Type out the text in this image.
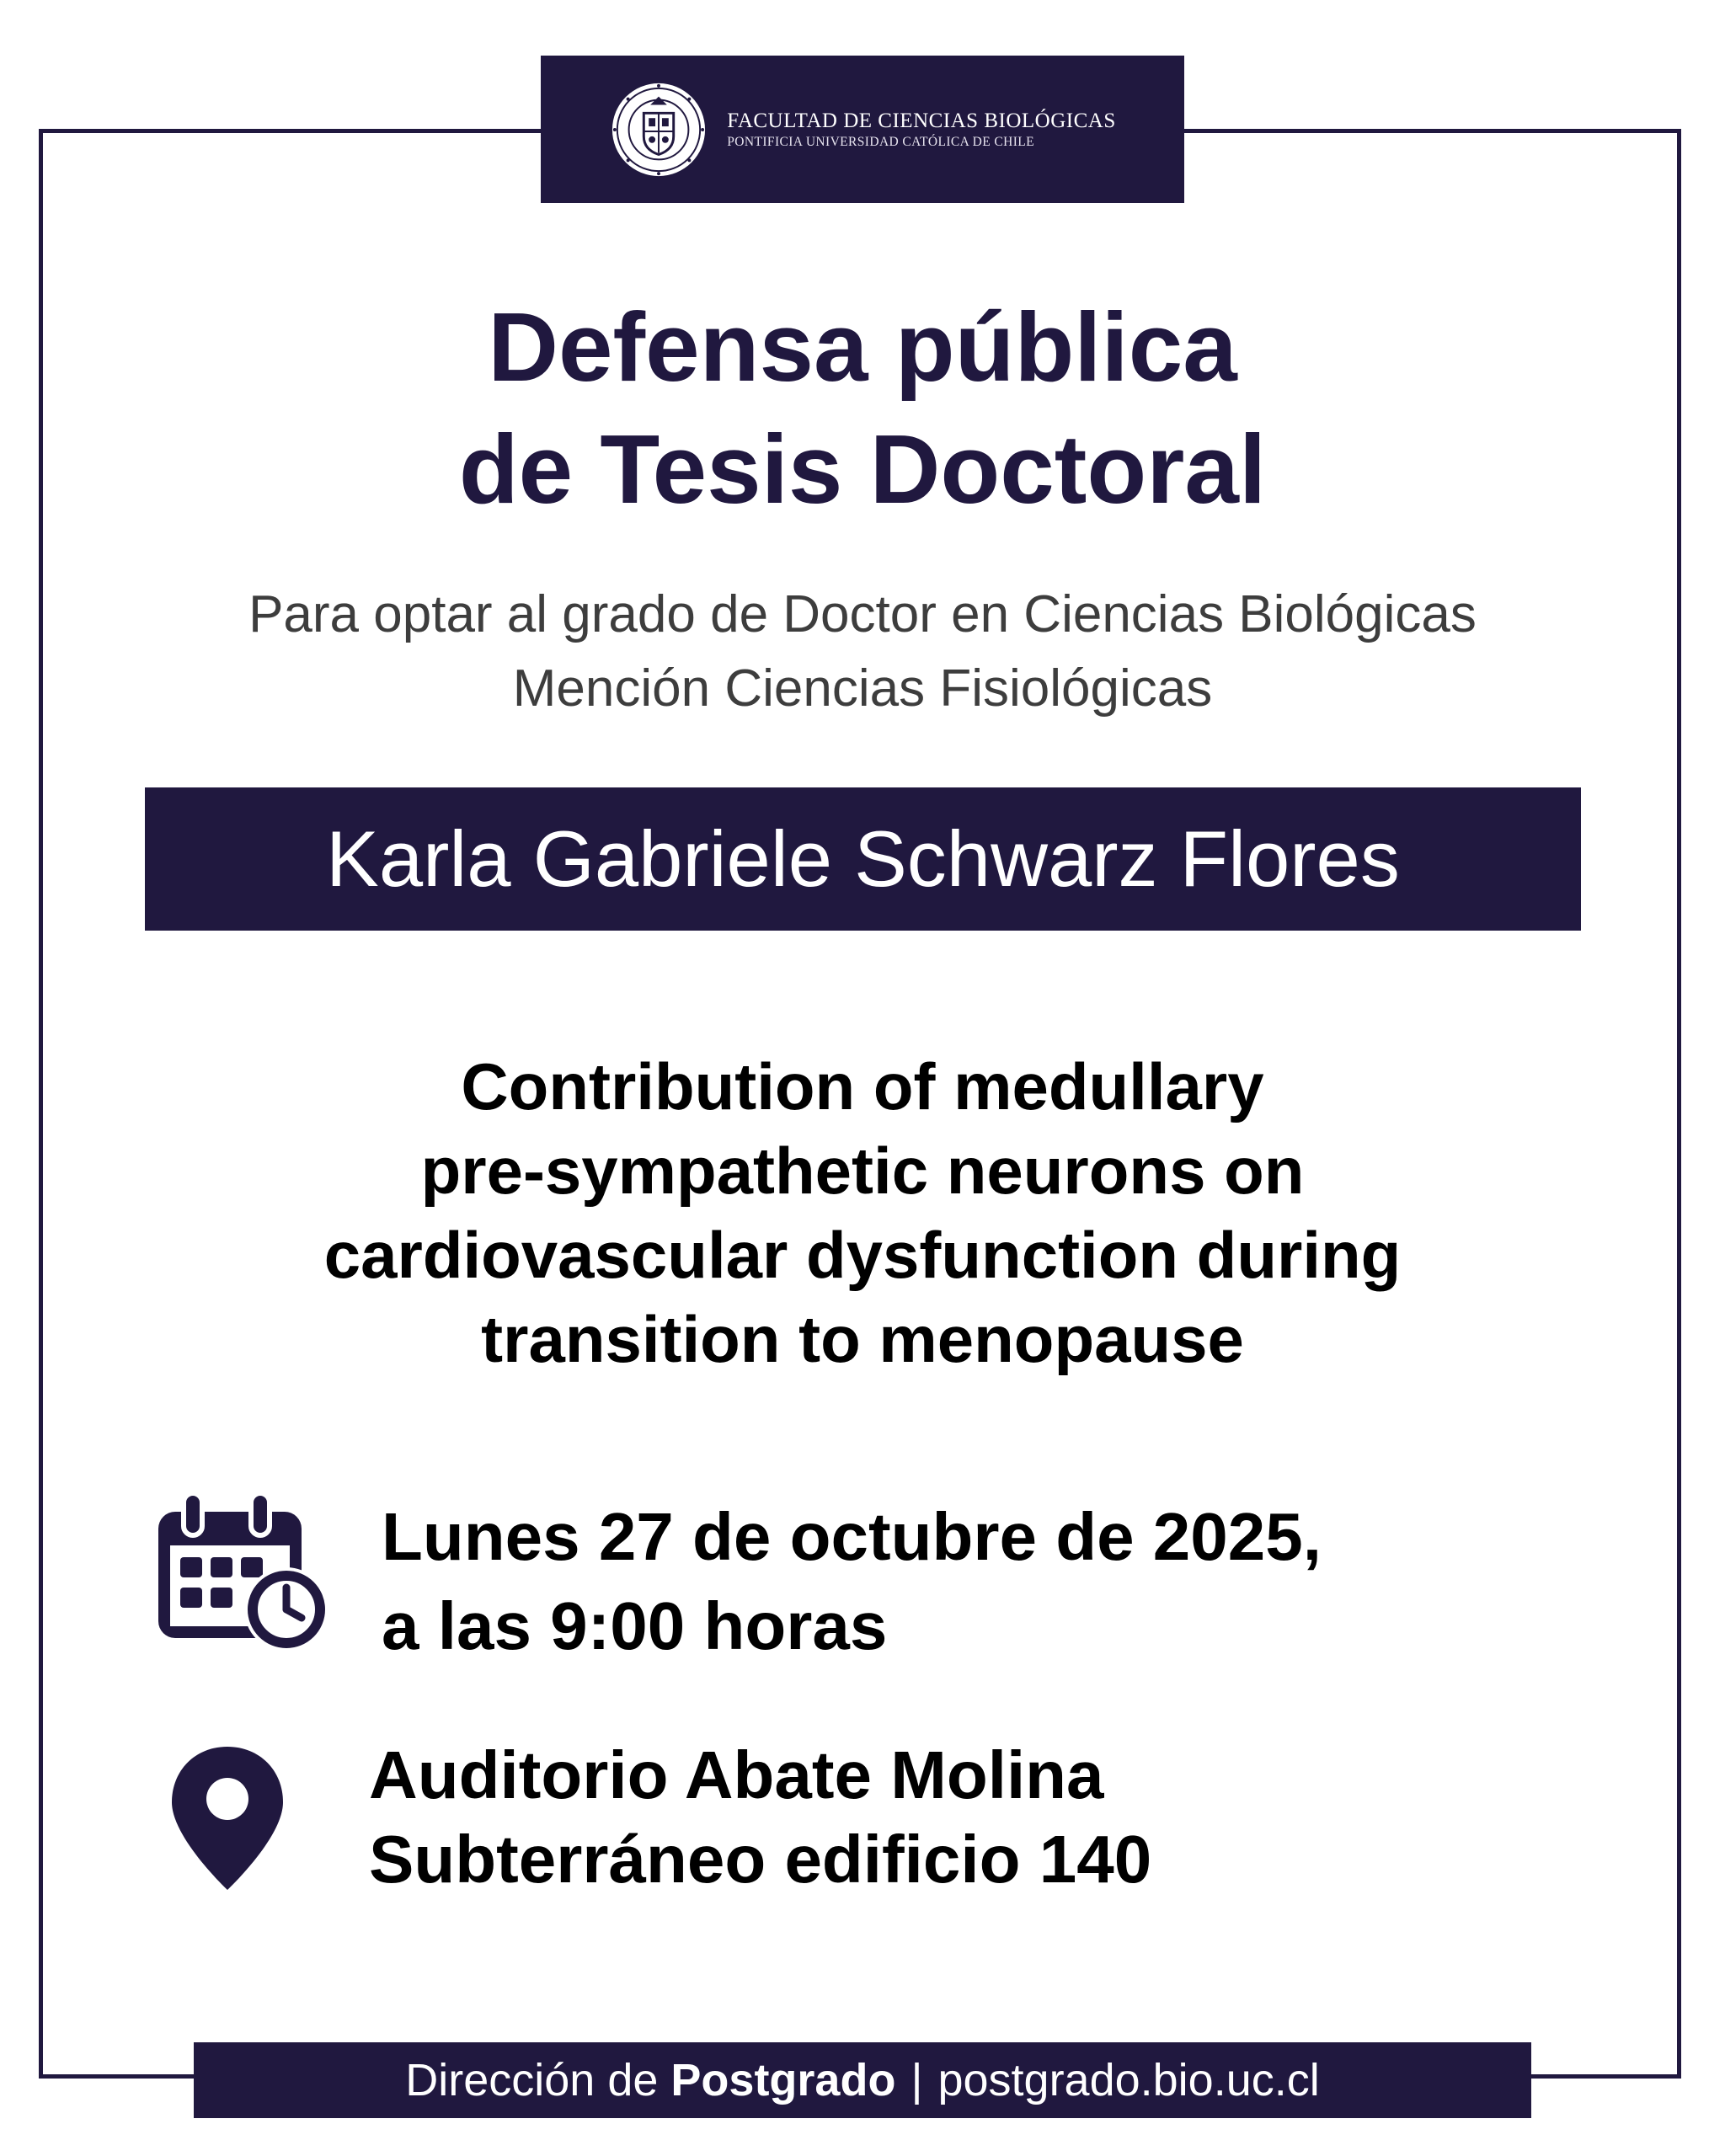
FACULTAD DE CIENCIAS BIOLÓGICAS
PONTIFICIA UNIVERSIDAD CATÓLICA DE CHILE
Defensa pública
de Tesis Doctoral
Para optar al grado de Doctor en Ciencias Biológicas
Mención Ciencias Fisiológicas
Karla Gabriele Schwarz Flores
Contribution of medullary
pre-sympathetic neurons on
cardiovascular dysfunction during
transition to menopause
Lunes 27 de octubre de 2025,
a las 9:00 horas
Auditorio Abate Molina
Subterráneo edificio 140
Dirección de
Postgrado | postgrado.bio.uc.cl
